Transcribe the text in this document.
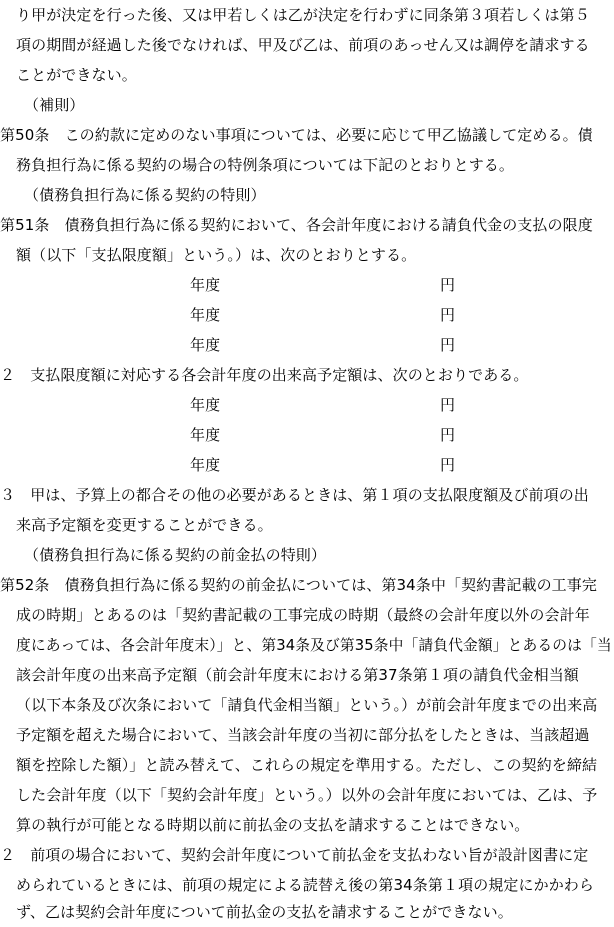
り甲が決定を行った後、又は甲若しくは乙が決定を行わずに同条第３項若しくは第５
項の期間が経過した後でなければ、甲及び乙は、前項のあっせん又は調停を請求する
ことができない。
（補則）
第50条　この約款に定めのない事項については、必要に応じて甲乙協議して定める。債
務負担行為に係る契約の場合の特例条項については下記のとおりとする。
（債務負担行為に係る契約の特則）
第51条　債務負担行為に係る契約において、各会計年度における請負代金の支払の限度
額（以下「支払限度額」という。）は、次のとおりとする。
年度	円
年度	円
年度	円
２　支払限度額に対応する各会計年度の出来高予定額は、次のとおりである。
年度	円
年度	円
年度	円
３　甲は、予算上の都合その他の必要があるときは、第１項の支払限度額及び前項の出
来高予定額を変更することができる。
（債務負担行為に係る契約の前金払の特則）
第52条　債務負担行為に係る契約の前金払については、第34条中「契約書記載の工事完
成の時期」とあるのは「契約書記載の工事完成の時期（最終の会計年度以外の会計年
度にあっては、各会計年度末）」と、第34条及び第35条中「請負代金額」とあるのは「当
該会計年度の出来高予定額（前会計年度末における第37条第１項の請負代金相当額
（以下本条及び次条において「請負代金相当額」という。）が前会計年度までの出来高
予定額を超えた場合において、当該会計年度の当初に部分払をしたときは、当該超過
額を控除した額）」と読み替えて、これらの規定を準用する。ただし、この契約を締結
した会計年度（以下「契約会計年度」という。）以外の会計年度においては、乙は、予
算の執行が可能となる時期以前に前払金の支払を請求することはできない。
２　前項の場合において、契約会計年度について前払金を支払わない旨が設計図書に定
められているときには、前項の規定による読替え後の第34条第１項の規定にかかわら
ず、乙は契約会計年度について前払金の支払を請求することができない。
